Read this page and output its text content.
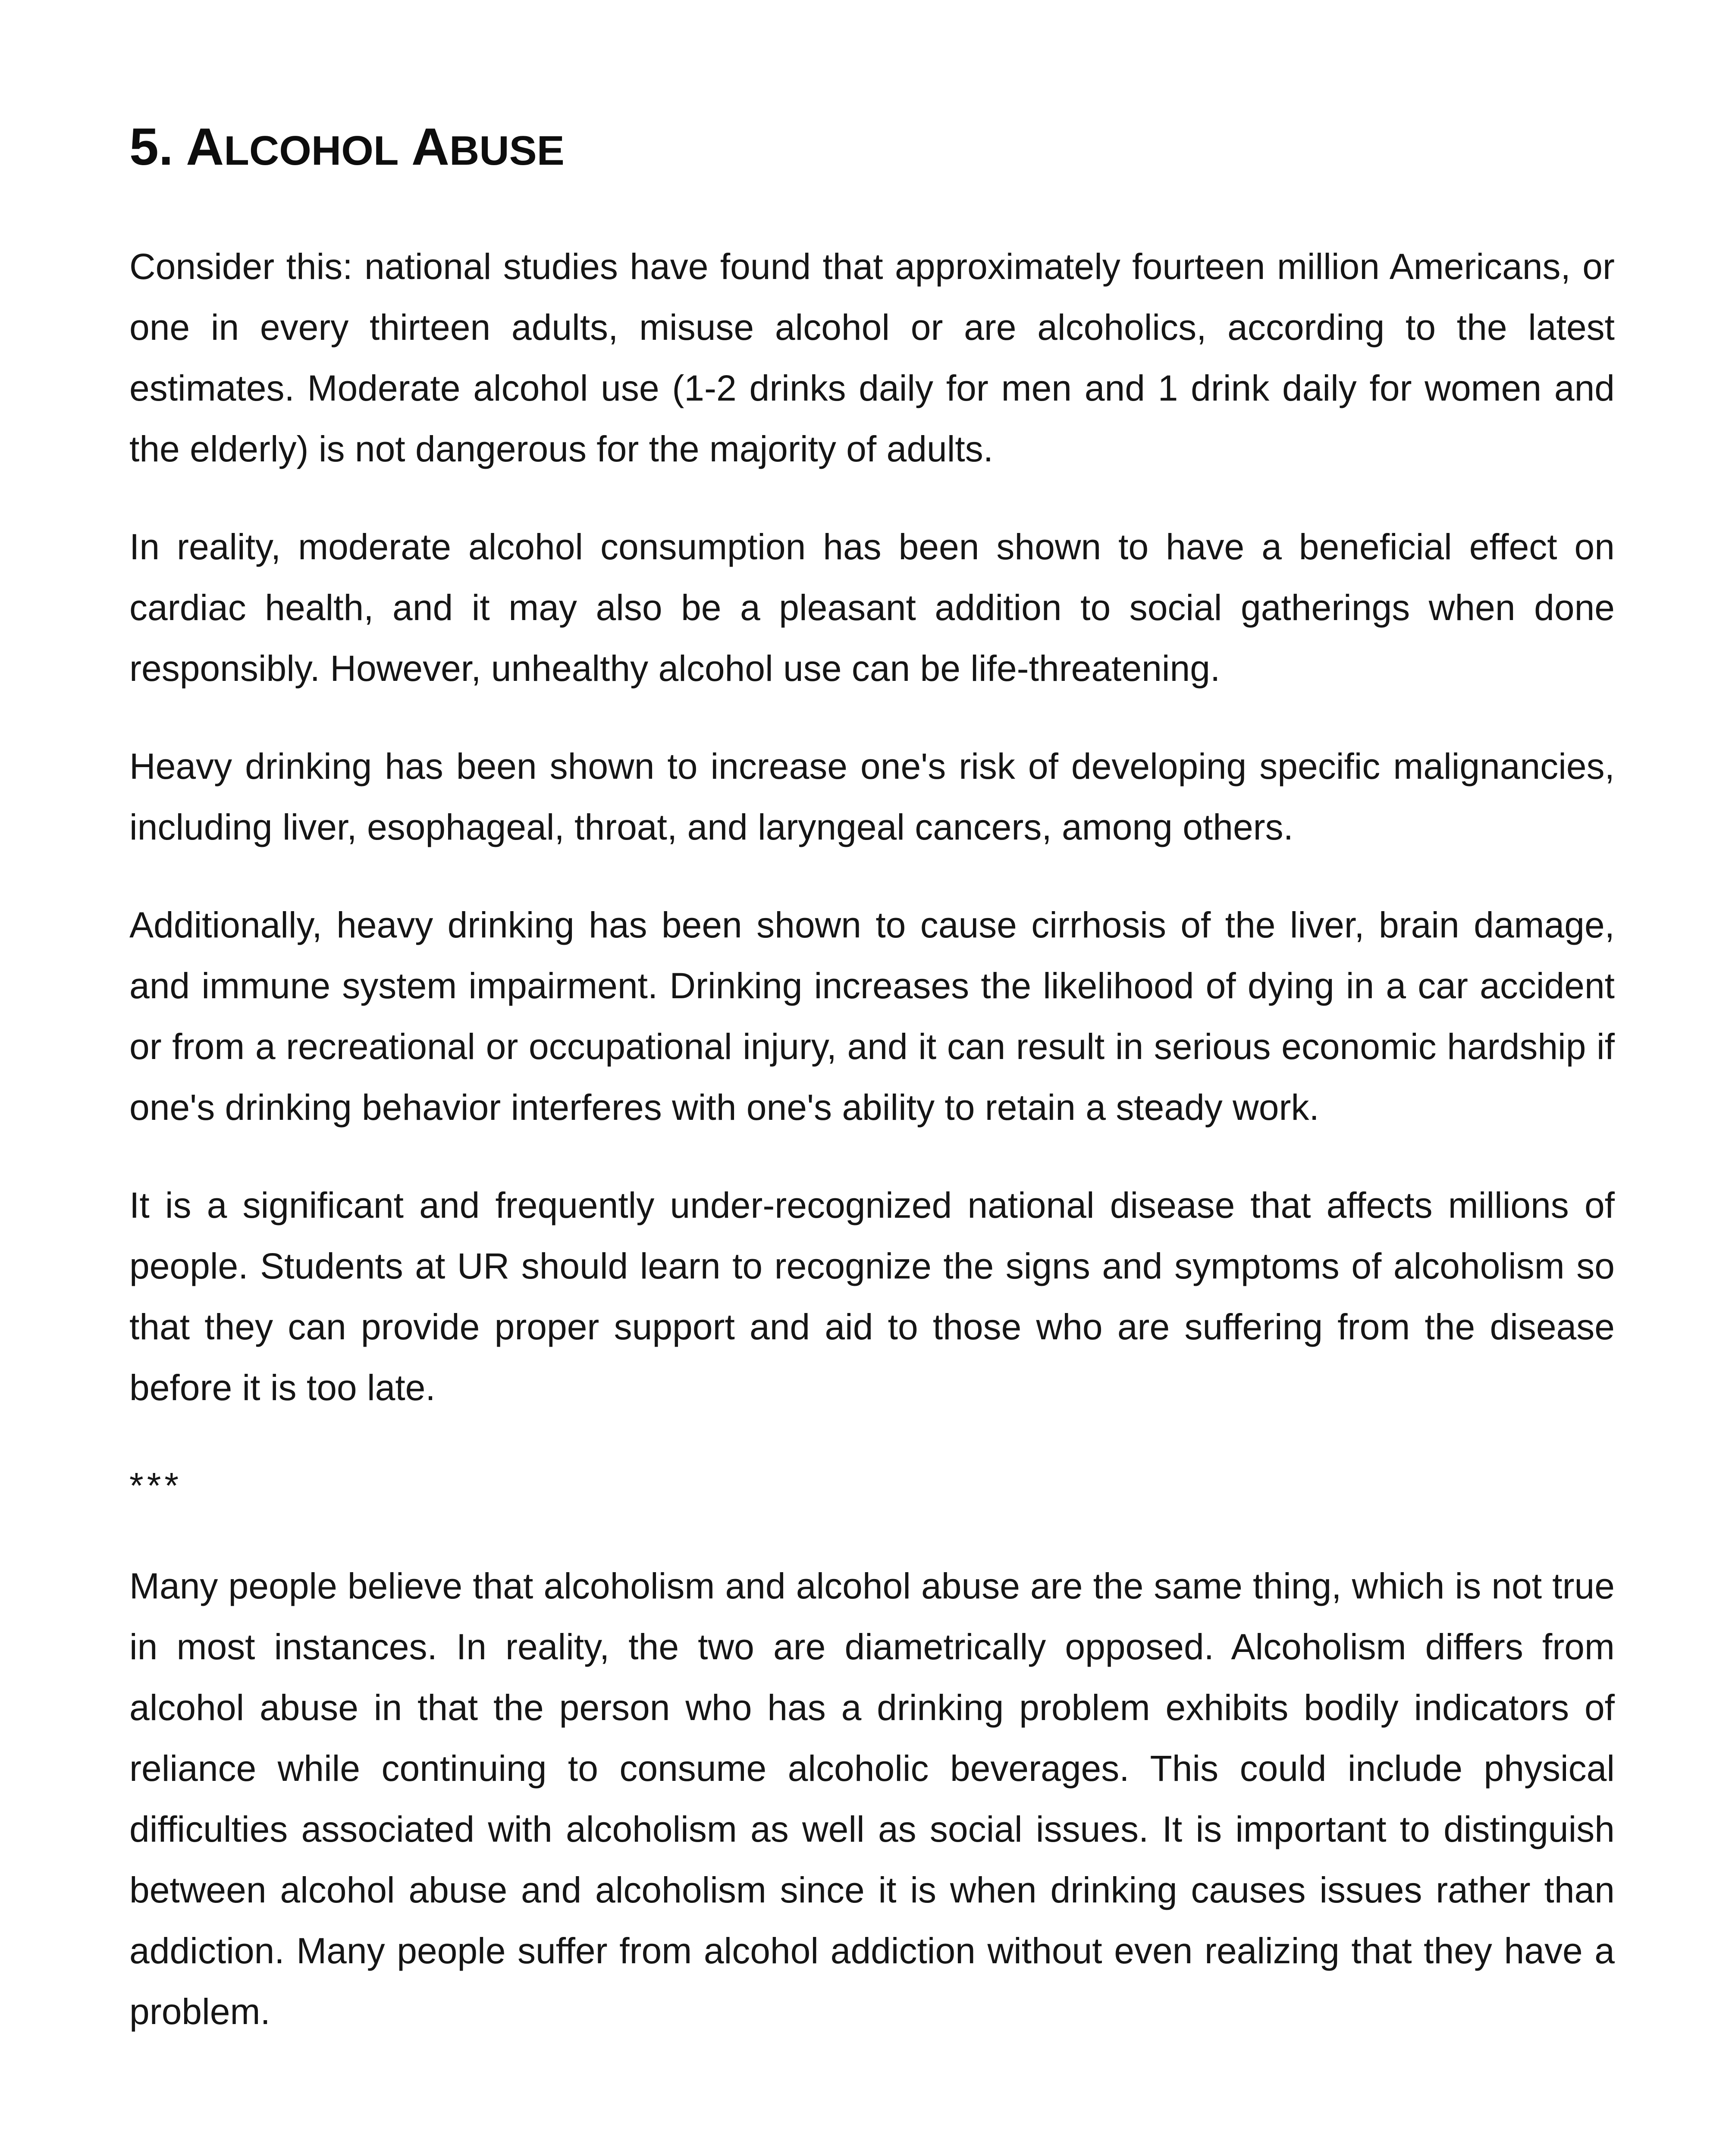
5. ALCOHOL ABUSE

Consider this: national studies have found that approximately fourteen million Americans, or one in every thirteen adults, misuse alcohol or are alcoholics, according to the latest estimates. Moderate alcohol use (1-2 drinks daily for men and 1 drink daily for women and the elderly) is not dangerous for the majority of adults.

In reality, moderate alcohol consumption has been shown to have a beneficial effect on cardiac health, and it may also be a pleasant addition to social gatherings when done responsibly. However, unhealthy alcohol use can be life-threatening.

Heavy drinking has been shown to increase one's risk of developing specific malignancies, including liver, esophageal, throat, and laryngeal cancers, among others.

Additionally, heavy drinking has been shown to cause cirrhosis of the liver, brain damage, and immune system impairment. Drinking increases the likelihood of dying in a car accident or from a recreational or occupational injury, and it can result in serious economic hardship if one's drinking behavior interferes with one's ability to retain a steady work.

It is a significant and frequently under-recognized national disease that affects millions of people. Students at UR should learn to recognize the signs and symptoms of alcoholism so that they can provide proper support and aid to those who are suffering from the disease before it is too late.

***

Many people believe that alcoholism and alcohol abuse are the same thing, which is not true in most instances. In reality, the two are diametrically opposed. Alcoholism differs from alcohol abuse in that the person who has a drinking problem exhibits bodily indicators of reliance while continuing to consume alcoholic beverages. This could include physical difficulties associated with alcoholism as well as social issues. It is important to distinguish between alcohol abuse and alcoholism since it is when drinking causes issues rather than addiction. Many people suffer from alcohol addiction without even realizing that they have a problem.
